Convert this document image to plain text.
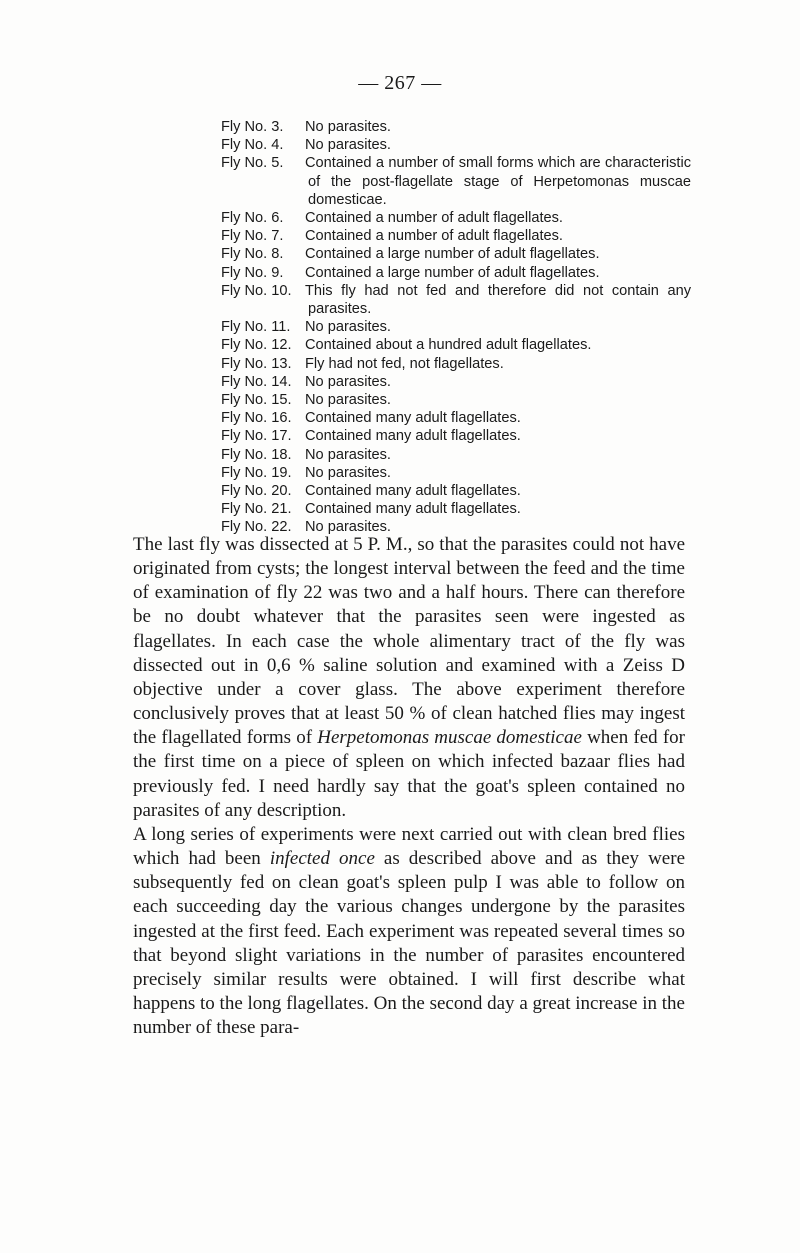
— 267 —
Fly No. 3. No parasites.
Fly No. 4. No parasites.
Fly No. 5. Contained a number of small forms which are characteristic of the post-flagellate stage of Herpetomonas muscae domesticae.
Fly No. 6. Contained a number of adult flagellates.
Fly No. 7. Contained a number of adult flagellates.
Fly No. 8. Contained a large number of adult flagellates.
Fly No. 9. Contained a large number of adult flagellates.
Fly No. 10. This fly had not fed and therefore did not contain any parasites.
Fly No. 11. No parasites.
Fly No. 12. Contained about a hundred adult flagellates.
Fly No. 13. Fly had not fed, not flagellates.
Fly No. 14. No parasites.
Fly No. 15. No parasites.
Fly No. 16. Contained many adult flagellates.
Fly No. 17. Contained many adult flagellates.
Fly No. 18. No parasites.
Fly No. 19. No parasites.
Fly No. 20. Contained many adult flagellates.
Fly No. 21. Contained many adult flagellates.
Fly No. 22. No parasites.

The last fly was dissected at 5 P. M., so that the parasites could not have originated from cysts; the longest interval between the feed and the time of examination of fly 22 was two and a half hours. There can therefore be no doubt whatever that the parasites seen were ingested as flagellates. In each case the whole alimentary tract of the fly was dissected out in 0,6 % saline solution and examined with a Zeiss D objective under a cover glass. The above experiment therefore conclusively proves that at least 50 % of clean hatched flies may ingest the flagellated forms of Herpetomonas muscae domesticae when fed for the first time on a piece of spleen on which infected bazaar flies had previously fed. I need hardly say that the goat's spleen contained no parasites of any description.

A long series of experiments were next carried out with clean bred flies which had been infected once as described above and as they were subsequently fed on clean goat's spleen pulp I was able to follow on each succeeding day the various changes undergone by the parasites ingested at the first feed. Each experiment was repeated several times so that beyond slight variations in the number of parasites encountered precisely similar results were obtained. I will first describe what happens to the long flagellates. On the second day a great increase in the number of these para-
